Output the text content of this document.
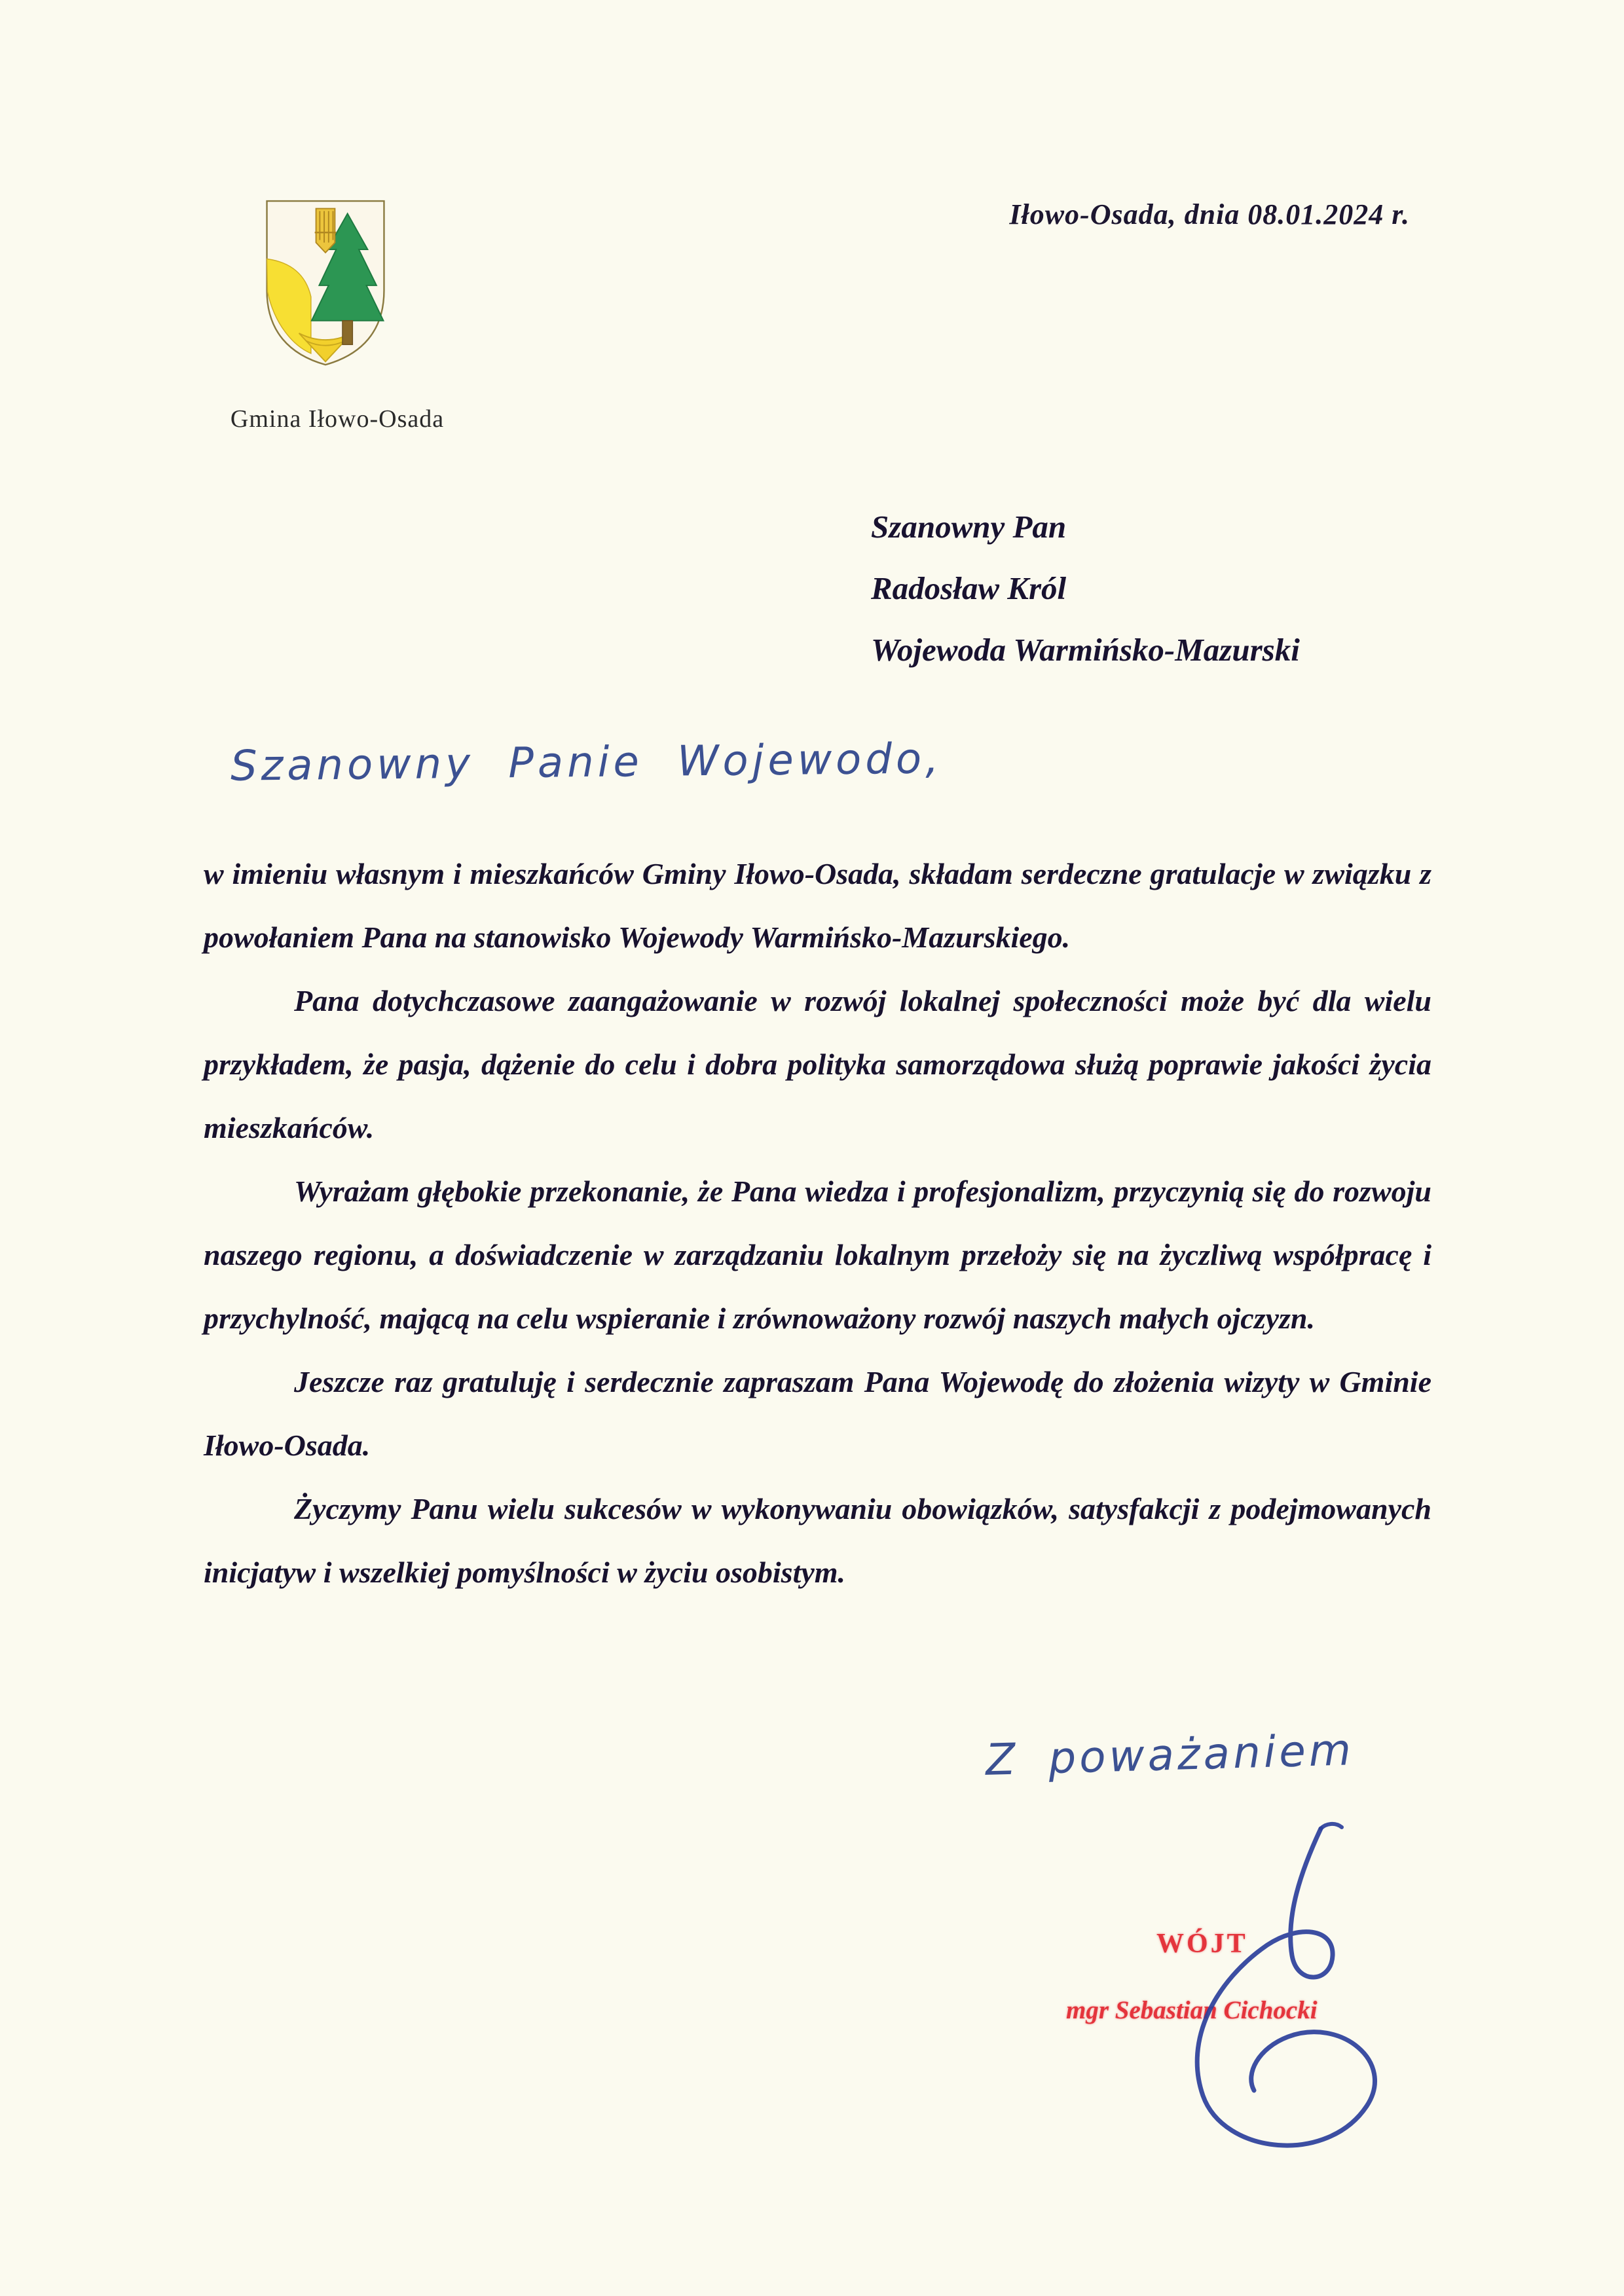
Iłowo-Osada, dnia 08.01.2024 r.
Gmina Iłowo-Osada
Szanowny Pan
Radosław Król
Wojewoda Warmińsko-Mazurski
Szanowny Panie Wojewodo,

w imieniu własnym i mieszkańców Gminy Iłowo-Osada, składam serdeczne gratulacje w związku z powołaniem Pana na stanowisko Wojewody Warmińsko-Mazurskiego.

Pana dotychczasowe zaangażowanie w rozwój lokalnej społeczności może być dla wielu przykładem, że pasja, dążenie do celu i dobra polityka samorządowa służą poprawie jakości życia mieszkańców.

Wyrażam głębokie przekonanie, że Pana wiedza i profesjonalizm, przyczynią się do rozwoju naszego regionu, a doświadczenie w zarządzaniu lokalnym przełoży się na życzliwą współpracę i przychylność, mającą na celu wspieranie i zrównoważony rozwój naszych małych ojczyzn.

Jeszcze raz gratuluję i serdecznie zapraszam Pana Wojewodę do złożenia wizyty w Gminie Iłowo-Osada.

Życzymy Panu wielu sukcesów w wykonywaniu obowiązków, satysfakcji z podejmowanych inicjatyw i wszelkiej pomyślności w życiu osobistym.

Z poważaniem
WÓJT
mgr Sebastian Cichocki
